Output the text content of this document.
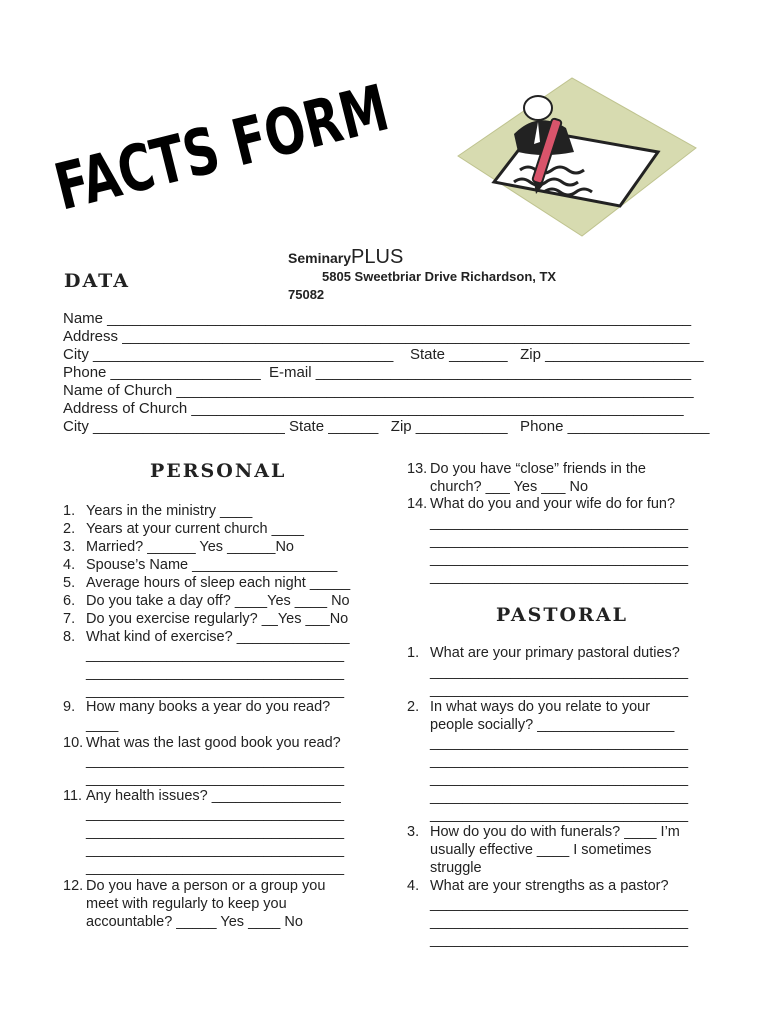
FACTS FORM
SeminaryPLUS
5805 Sweetbriar Drive Richardson, TX
75082
DATA
Name ______________________________________________________________________
Address ____________________________________________________________________
City ____________________________________    State _______   Zip ___________________
Phone __________________  E-mail _____________________________________________
Name of Church ______________________________________________________________
Address of Church ___________________________________________________________
City _______________________ State ______   Zip ___________   Phone _________________
PERSONAL
1. Years in the ministry ____
2. Years at your current church ____
3. Married? ______ Yes ______No
4. Spouse’s Name __________________
5. Average hours of sleep each night _____
6. Do you take a day off? ____Yes ____ No
7. Do you exercise regularly? __Yes ___No
8. What kind of exercise? ______________
________________________________
________________________________
________________________________
9. How many books a year do you read?
____
10. What was the last good book you read?
________________________________
________________________________
11. Any health issues? ________________
________________________________
________________________________
________________________________
________________________________
12. Do you have a person or a group you
meet with regularly to keep you
accountable? _____ Yes ____ No
13. Do you have “close” friends in the
church? ___ Yes ___ No
14. What do you and your wife do for fun?
________________________________
________________________________
________________________________
________________________________
PASTORAL
1. What are your primary pastoral duties?
________________________________
________________________________
2. In what ways do you relate to your
people socially? _________________
________________________________
________________________________
________________________________
________________________________
________________________________
3. How do you do with funerals? ____ I’m
usually effective ____ I sometimes
struggle
4. What are your strengths as a pastor?
________________________________
________________________________
________________________________
